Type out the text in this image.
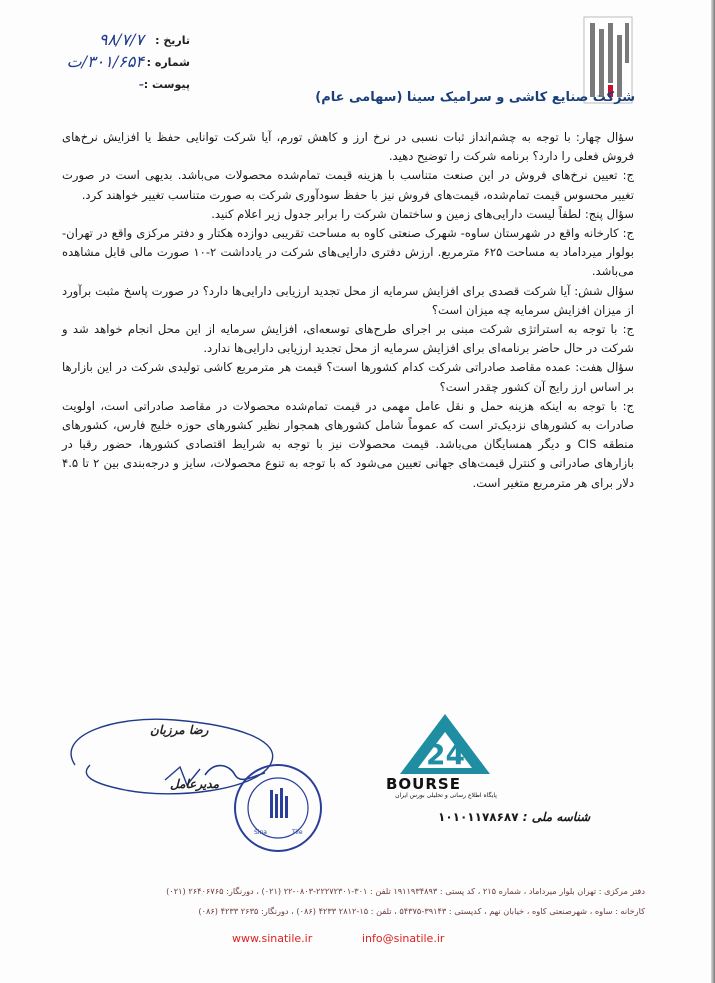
تاریخ :
۹۸/۷/۷
شماره :
۳۰۱/۶۵۴/ت
پیوست :
-
شرکت صنایع کاشی و سرامیک سینا (سهامی عام)

سؤال چهار: با توجه به چشم‌انداز ثبات نسبی در نرخ ارز و کاهش تورم، آیا شرکت توانایی حفظ یا افزایش نرخ‌های فروش فعلی را دارد؟ برنامه شرکت را توضیح دهید.

ج: تعیین نرخ‌های فروش در این صنعت متناسب با هزینه قیمت تمام‌شده محصولات می‌باشد. بدیهی است در صورت تغییر محسوس قیمت تمام‌شده، قیمت‌های فروش نیز با حفظ سودآوری شرکت به صورت متناسب تغییر خواهند کرد.

سؤال پنج: لطفاً لیست دارایی‌های زمین و ساختمان شرکت را برابر جدول زیر اعلام کنید.

ج: کارخانه واقع در شهرستان ساوه- شهرک صنعتی کاوه به مساحت تقریبی دوازده هکتار و دفتر مرکزی واقع در تهران- بولوار میرداماد به مساحت ۶۲۵ مترمربع. ارزش دفتری دارایی‌های شرکت در یادداشت ۲-۱۰ صورت مالی قابل مشاهده می‌باشد.

سؤال شش: آیا شرکت قصدی برای افزایش سرمایه از محل تجدید ارزیابی دارایی‌ها دارد؟ در صورت پاسخ مثبت برآورد از میزان افزایش سرمایه چه میزان است؟

ج: با توجه به استراتژی شرکت مبنی بر اجرای طرح‌های توسعه‌ای، افزایش سرمایه از این محل انجام خواهد شد و شرکت در حال حاضر برنامه‌ای برای افزایش سرمایه از محل تجدید ارزیابی دارایی‌ها ندارد.

سؤال هفت: عمده مقاصد صادراتی شرکت کدام کشورها است؟ قیمت هر مترمربع کاشی تولیدی شرکت در این بازارها بر اساس ارز رایج آن کشور چقدر است؟

ج: با توجه به اینکه هزینه حمل و نقل عامل مهمی در قیمت تمام‌شده محصولات در مقاصد صادراتی است، اولویت صادرات به کشورهای نزدیک‌تر است که عموماً شامل کشورهای همجوار نظیر کشورهای حوزه خلیج فارس، کشورهای منطقه CIS و دیگر همسایگان می‌باشد. قیمت محصولات نیز با توجه به شرایط اقتصادی کشورها، حضور رقبا در بازارهای صادراتی و کنترل قیمت‌های جهانی تعیین می‌شود که با توجه به تنوع محصولات، سایز و درجه‌بندی بین ۲ تا ۴.۵ دلار برای هر مترمربع متغیر است.

رضا مرزبان
مدیرعامل
Sina	Tile
24
BOURSE
پایگاه اطلاع رسانی و تحلیلی بورس ایران
شناسه ملی : ۱۰۱۰۱۱۷۸۶۸۷
دفتر مرکزی : تهران بلوار میرداماد ، شماره ۲۱۵ ، کد پستی : ۱۹۱۱۹۳۴۸۹۳ تلفن : ۳۰۱-۲۲۲۷۲۳۰۱-۰۸۰۳-۲۲ (۰۲۱) ، دورنگار: ۲۶۴۰۶۷۶۵ (۰۲۱)
کارخانه : ساوه ، شهرصنعتی کاوه ، خیابان نهم ، کدپستی : ۳۹۱۴۳-۵۴۳۷۵ ، تلفن : ۱۵-۲۸۱۲ ۴۲۳۳ (۰۸۶) ، دورنگار: ۲۶۳۵ ۴۲۳۳ (۰۸۶)
www.sinatile.ir	info@sinatile.ir
